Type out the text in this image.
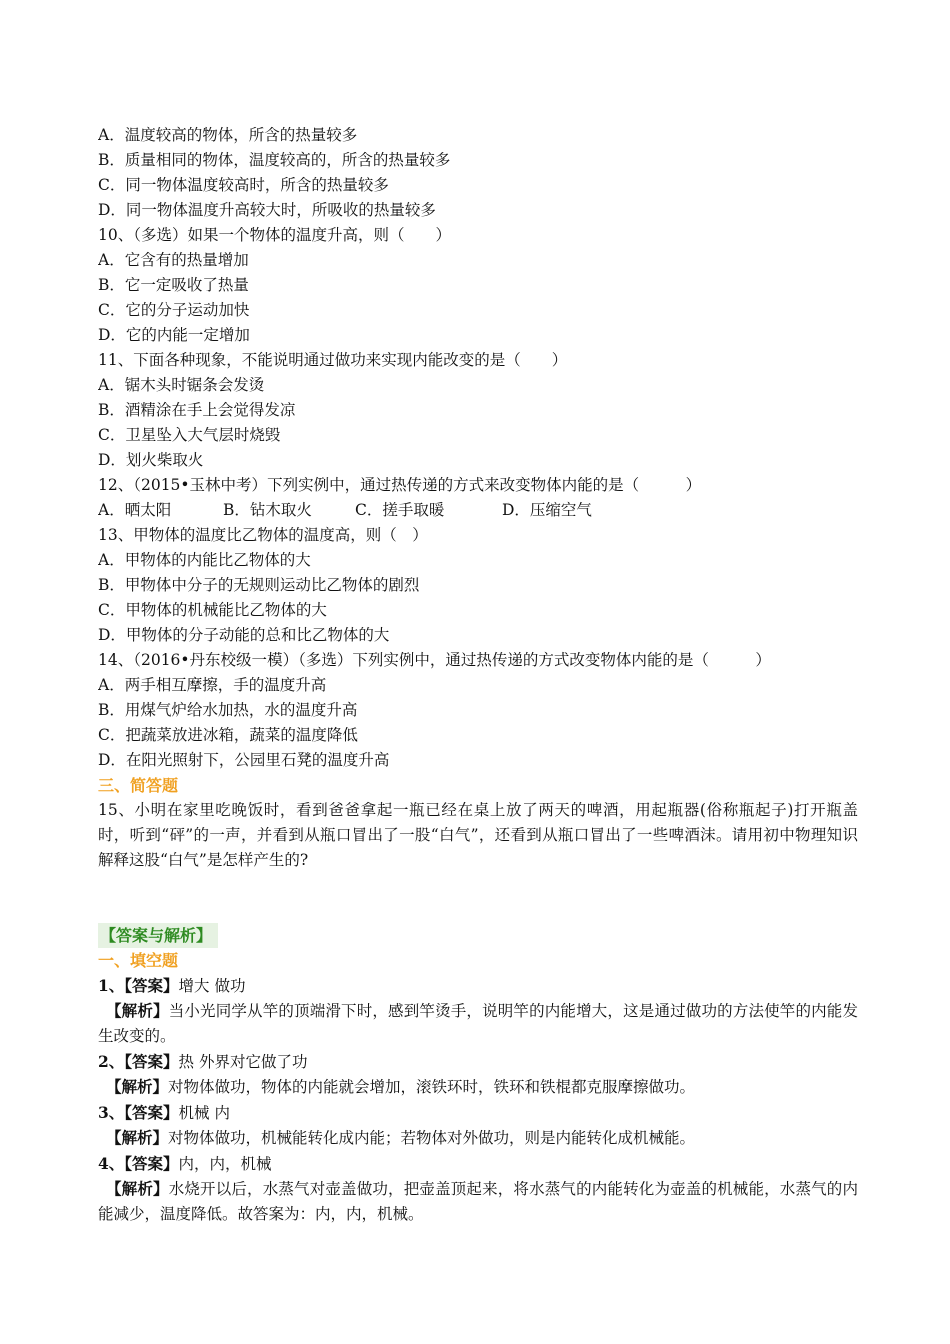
A．温度较高的物体，所含的热量较多
B．质量相同的物体，温度较高的，所含的热量较多
C．同一物体温度较高时，所含的热量较多
D．同一物体温度升高较大时，所吸收的热量较多
10、（多选）如果一个物体的温度升高，则（　　）
A．它含有的热量增加
B．它一定吸收了热量
C．它的分子运动加快
D．它的内能一定增加
11、下面各种现象，不能说明通过做功来实现内能改变的是（　　）
A．锯木头时锯条会发烫
B．酒精涂在手上会觉得发凉
C．卫星坠入大气层时烧毁
D．划火柴取火
12、（2015•玉林中考）下列实例中，通过热传递的方式来改变物体内能的是（　　　）
A．晒太阳	B．钻木取火	C．搓手取暖	D．压缩空气
13、甲物体的温度比乙物体的温度高，则（　）
A．甲物体的内能比乙物体的大
B．甲物体中分子的无规则运动比乙物体的剧烈
C．甲物体的机械能比乙物体的大
D．甲物体的分子动能的总和比乙物体的大
14、（2016•丹东校级一模）（多选）下列实例中，通过热传递的方式改变物体内能的是（　　　）
A．两手相互摩擦，手的温度升高
B．用煤气炉给水加热，水的温度升高
C．把蔬菜放进冰箱，蔬菜的温度降低
D．在阳光照射下，公园里石凳的温度升高
三、简答题
15、小明在家里吃晚饭时，看到爸爸拿起一瓶已经在桌上放了两天的啤酒，用起瓶器(俗称瓶起子)打开瓶盖时，听到“砰”的一声，并看到从瓶口冒出了一股“白气”，还看到从瓶口冒出了一些啤酒沫。请用初中物理知识解释这股“白气”是怎样产生的?
【答案与解析】
一、填空题
1、【答案】增大 做功
【解析】当小光同学从竿的顶端滑下时，感到竿烫手，说明竿的内能增大，这是通过做功的方法使竿的内能发生改变的。
2、【答案】热 外界对它做了功
【解析】对物体做功，物体的内能就会增加，滚铁环时，铁环和铁棍都克服摩擦做功。
3、【答案】机械 内
【解析】对物体做功，机械能转化成内能；若物体对外做功，则是内能转化成机械能。
4、【答案】内，内，机械
【解析】水烧开以后，水蒸气对壶盖做功，把壶盖顶起来，将水蒸气的内能转化为壶盖的机械能，水蒸气的内能减少，温度降低。故答案为：内，内，机械。
